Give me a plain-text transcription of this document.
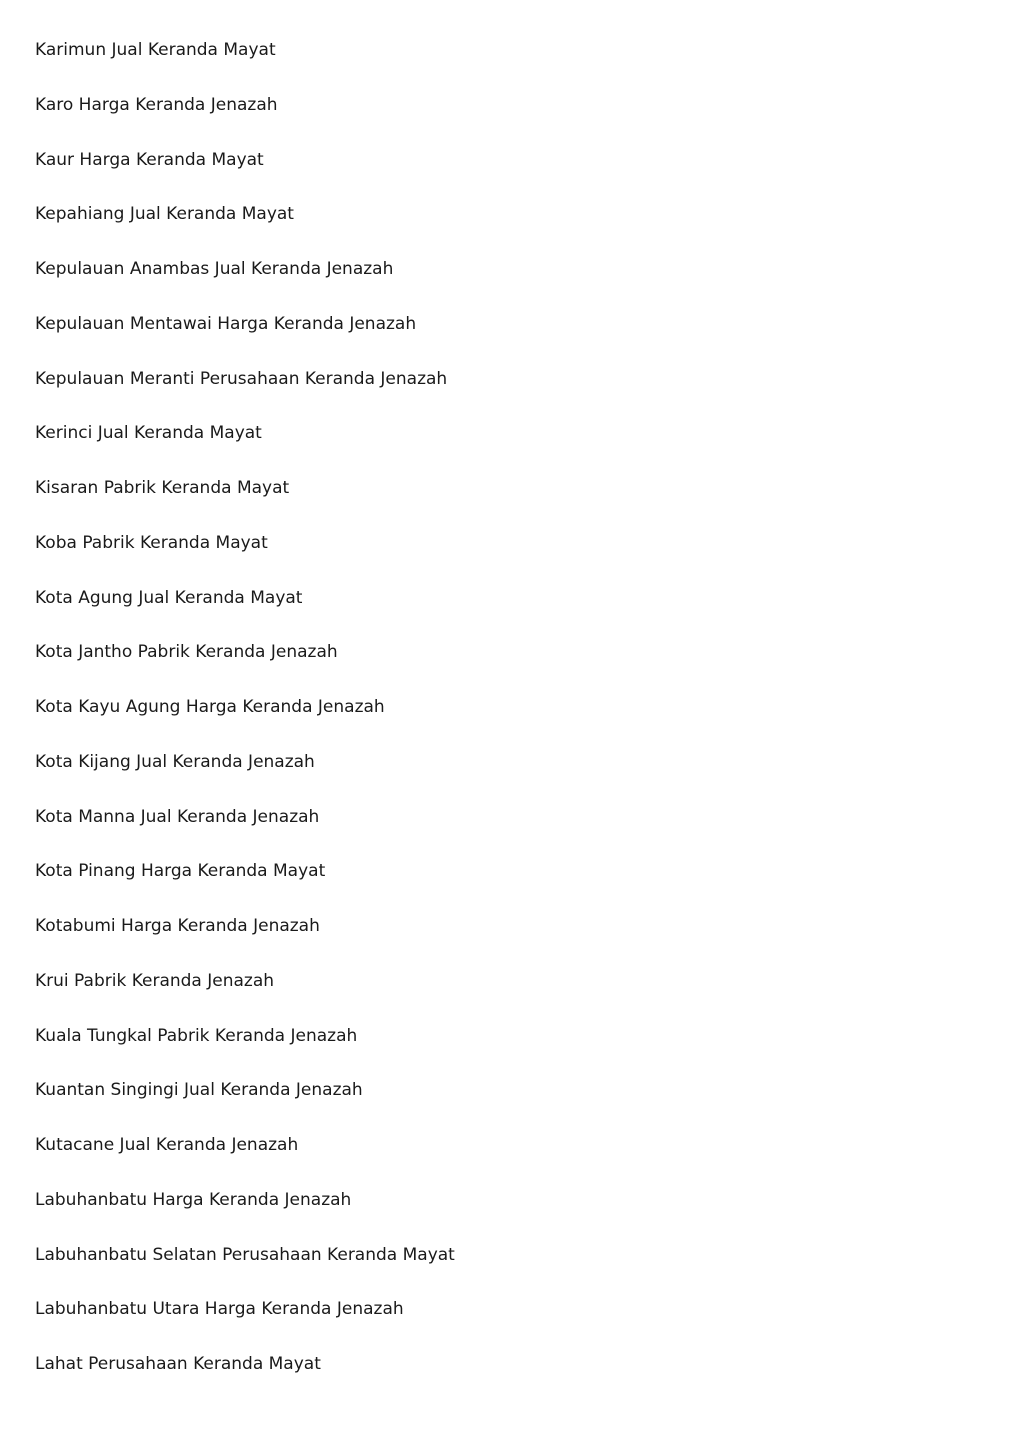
Karimun Jual Keranda Mayat
Karo Harga Keranda Jenazah
Kaur Harga Keranda Mayat
Kepahiang Jual Keranda Mayat
Kepulauan Anambas Jual Keranda Jenazah
Kepulauan Mentawai Harga Keranda Jenazah
Kepulauan Meranti Perusahaan Keranda Jenazah
Kerinci Jual Keranda Mayat
Kisaran Pabrik Keranda Mayat
Koba Pabrik Keranda Mayat
Kota Agung Jual Keranda Mayat
Kota Jantho Pabrik Keranda Jenazah
Kota Kayu Agung Harga Keranda Jenazah
Kota Kijang Jual Keranda Jenazah
Kota Manna Jual Keranda Jenazah
Kota Pinang Harga Keranda Mayat
Kotabumi Harga Keranda Jenazah
Krui Pabrik Keranda Jenazah
Kuala Tungkal Pabrik Keranda Jenazah
Kuantan Singingi Jual Keranda Jenazah
Kutacane Jual Keranda Jenazah
Labuhanbatu Harga Keranda Jenazah
Labuhanbatu Selatan Perusahaan Keranda Mayat
Labuhanbatu Utara Harga Keranda Jenazah
Lahat Perusahaan Keranda Mayat
